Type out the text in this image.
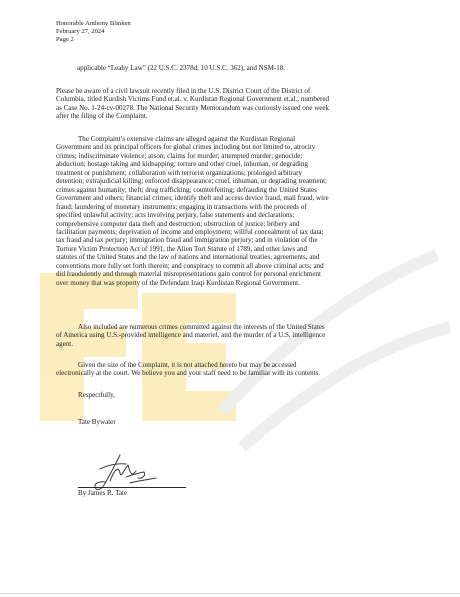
Honorable Anthony Blinken
February 27, 2024
Page 2

applicable “Leahy Law” (22 U.S.C. 2378d, 10 U.S.C. 362), and NSM-18.

Please be aware of a civil lawsuit recently filed in the U.S. District Court of the District of
Columbia, titled Kurdish Victims Fund et.al. v. Kurdistan Regional Government et.al., numbered
as Case No. 1-24-cv-00278. The National Security Memorandum was curiously issued one week
after the filing of the Complaint.

The Complaint’s extensive claims are alleged against the Kurdistan Regional
Government and its principal officers for global crimes including but not limited to, atrocity
crimes; indiscriminate violence; arson; claims for murder; attempted murder; genocide;
abduction; hostage taking and kidnapping; torture and other cruel, inhuman, or degrading
treatment or punishment; collaboration with terrorist organizations; prolonged arbitrary
detention; extrajudicial killing; enforced disappearance; cruel, inhuman, or degrading treatment;
crimes against humanity; theft; drug trafficking; counterfeiting; defrauding the United States
Government and others; financial crimes; identify theft and access device fraud, mail fraud, wire
fraud; laundering of monetary instruments; engaging in transactions with the proceeds of
specified unlawful activity; acts involving perjury, false statements and declarations;
comprehensive computer data theft and destruction; obstruction of justice; bribery and
facilitation payments; deprivation of income and employment; willful concealment of tax data;
tax fraud and tax perjury; immigration fraud and immigration perjury; and in violation of the
Torture Victim Protection Act of 1991, the Alien Tort Statute of 1789, and other laws and
statutes of the United States and the law of nations and international treaties, agreements, and
conventions more fully set forth therein; and conspiracy to commit all above criminal acts; and
did fraudulently and through material misrepresentations gain control for personal enrichment
over money that was property of the Defendant Iraqi Kurdistan Regional Government.

Also included are numerous crimes committed against the interests of the United States
of America using U.S.-provided intelligence and materiel, and the murder of a U.S. intelligence
agent.

Given the size of the Complaint, it is not attached hereto but may be accessed
electronically at the court. We believe you and your staff need to be familiar with its contents.

Respectfully,
Tate Bywater
By James R. Tate
